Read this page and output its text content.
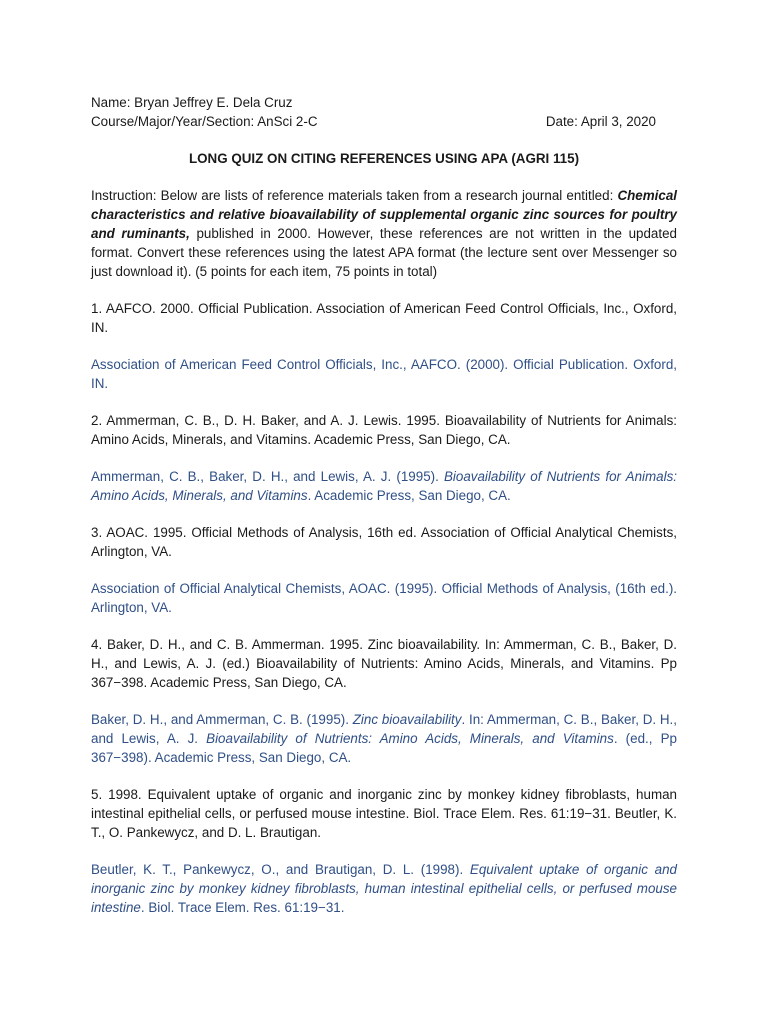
Name: Bryan Jeffrey E. Dela Cruz

Course/Major/Year/Section: AnSci 2-C	Date: April 3, 2020

LONG QUIZ ON CITING REFERENCES USING APA (AGRI 115)

Instruction: Below are lists of reference materials taken from a research journal entitled: Chemical characteristics and relative bioavailability of supplemental organic zinc sources for poultry and ruminants, published in 2000. However, these references are not written in the updated format. Convert these references using the latest APA format (the lecture sent over Messenger so just download it). (5 points for each item, 75 points in total)

1. AAFCO. 2000. Official Publication. Association of American Feed Control Officials, Inc., Oxford, IN.

Association of American Feed Control Officials, Inc., AAFCO. (2000). Official Publication. Oxford, IN.

2. Ammerman, C. B., D. H. Baker, and A. J. Lewis. 1995. Bioavailability of Nutrients for Animals: Amino Acids, Minerals, and Vitamins. Academic Press, San Diego, CA.

Ammerman, C. B., Baker, D. H., and Lewis, A. J. (1995). Bioavailability of Nutrients for Animals: Amino Acids, Minerals, and Vitamins. Academic Press, San Diego, CA.

3. AOAC. 1995. Official Methods of Analysis, 16th ed. Association of Official Analytical Chemists, Arlington, VA.

Association of Official Analytical Chemists, AOAC. (1995). Official Methods of Analysis, (16th ed.). Arlington, VA.

4. Baker, D. H., and C. B. Ammerman. 1995. Zinc bioavailability. In: Ammerman, C. B., Baker, D. H., and Lewis, A. J. (ed.) Bioavailability of Nutrients: Amino Acids, Minerals, and Vitamins. Pp 367−398. Academic Press, San Diego, CA.

Baker, D. H., and Ammerman, C. B. (1995). Zinc bioavailability. In: Ammerman, C. B., Baker, D. H., and Lewis, A. J. Bioavailability of Nutrients: Amino Acids, Minerals, and Vitamins. (ed., Pp 367−398). Academic Press, San Diego, CA.

5. 1998. Equivalent uptake of organic and inorganic zinc by monkey kidney fibroblasts, human intestinal epithelial cells, or perfused mouse intestine. Biol. Trace Elem. Res. 61:19−31. Beutler, K. T., O. Pankewycz, and D. L. Brautigan.

Beutler, K. T., Pankewycz, O., and Brautigan, D. L. (1998). Equivalent uptake of organic and inorganic zinc by monkey kidney fibroblasts, human intestinal epithelial cells, or perfused mouse intestine. Biol. Trace Elem. Res. 61:19−31.
